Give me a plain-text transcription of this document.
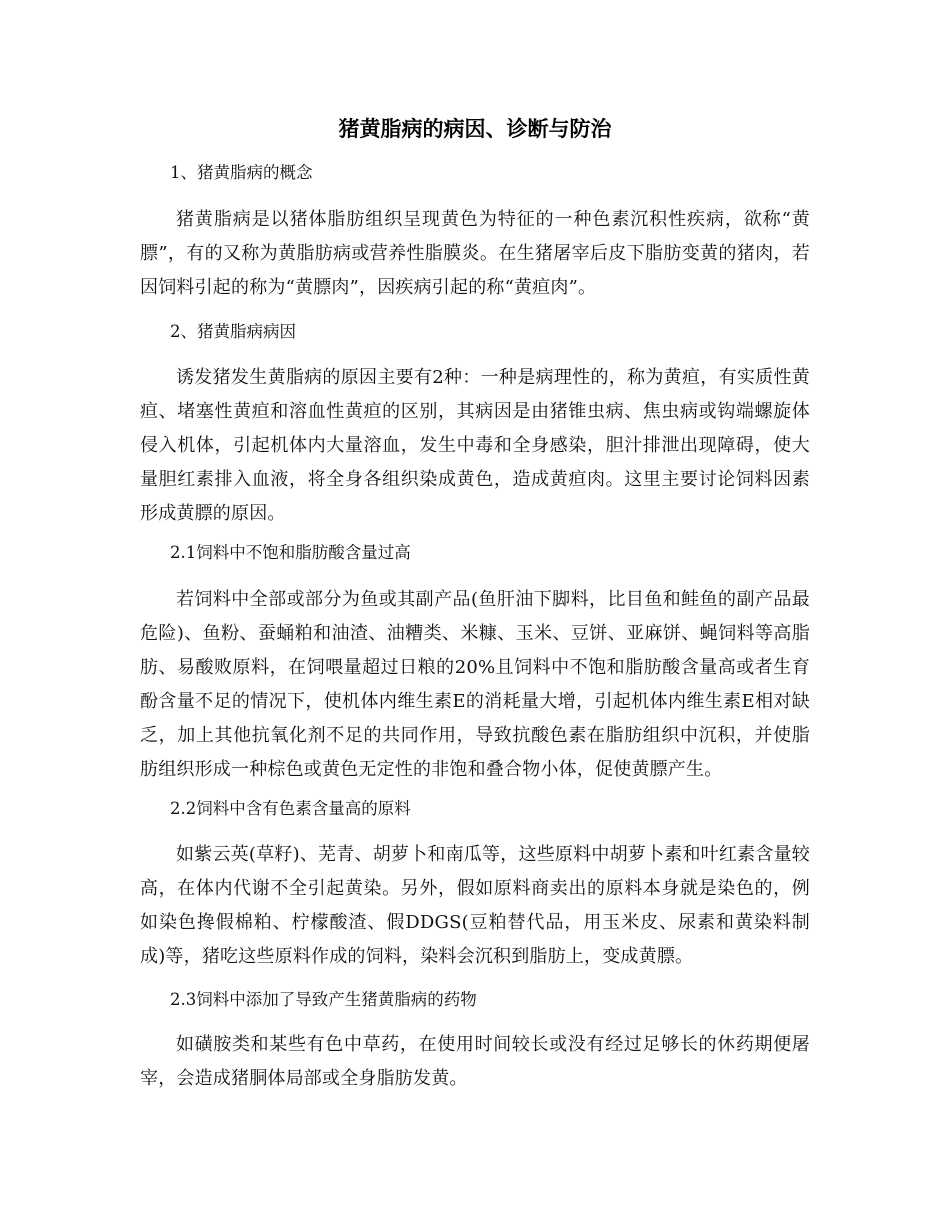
猪黄脂病的病因、诊断与防治

1、猪黄脂病的概念

猪黄脂病是以猪体脂肪组织呈现黄色为特征的一种色素沉积性疾病，欲称“黄膘”，有的又称为黄脂肪病或营养性脂膜炎。在生猪屠宰后皮下脂肪变黄的猪肉，若因饲料引起的称为“黄膘肉”，因疾病引起的称“黄疸肉”。

2、猪黄脂病病因

诱发猪发生黄脂病的原因主要有2种：一种是病理性的，称为黄疸，有实质性黄疸、堵塞性黄疸和溶血性黄疸的区别，其病因是由猪锥虫病、焦虫病或钩端螺旋体侵入机体，引起机体内大量溶血，发生中毒和全身感染，胆汁排泄出现障碍，使大量胆红素排入血液，将全身各组织染成黄色，造成黄疸肉。这里主要讨论饲料因素形成黄膘的原因。

2.1饲料中不饱和脂肪酸含量过高

若饲料中全部或部分为鱼或其副产品(鱼肝油下脚料，比目鱼和鲑鱼的副产品最危险)、鱼粉、蚕蛹粕和油渣、油糟类、米糠、玉米、豆饼、亚麻饼、蝇饲料等高脂肪、易酸败原料，在饲喂量超过日粮的20%且饲料中不饱和脂肪酸含量高或者生育酚含量不足的情况下，使机体内维生素E的消耗量大增，引起机体内维生素E相对缺乏，加上其他抗氧化剂不足的共同作用，导致抗酸色素在脂肪组织中沉积，并使脂肪组织形成一种棕色或黄色无定性的非饱和叠合物小体，促使黄膘产生。

2.2饲料中含有色素含量高的原料

如紫云英(草籽)、芜青、胡萝卜和南瓜等，这些原料中胡萝卜素和叶红素含量较高，在体内代谢不全引起黄染。另外，假如原料商卖出的原料本身就是染色的，例如染色搀假棉粕、柠檬酸渣、假DDGS(豆粕替代品，用玉米皮、尿素和黄染料制成)等，猪吃这些原料作成的饲料，染料会沉积到脂肪上，变成黄膘。

2.3饲料中添加了导致产生猪黄脂病的药物

如磺胺类和某些有色中草药，在使用时间较长或没有经过足够长的休药期便屠宰，会造成猪胴体局部或全身脂肪发黄。
